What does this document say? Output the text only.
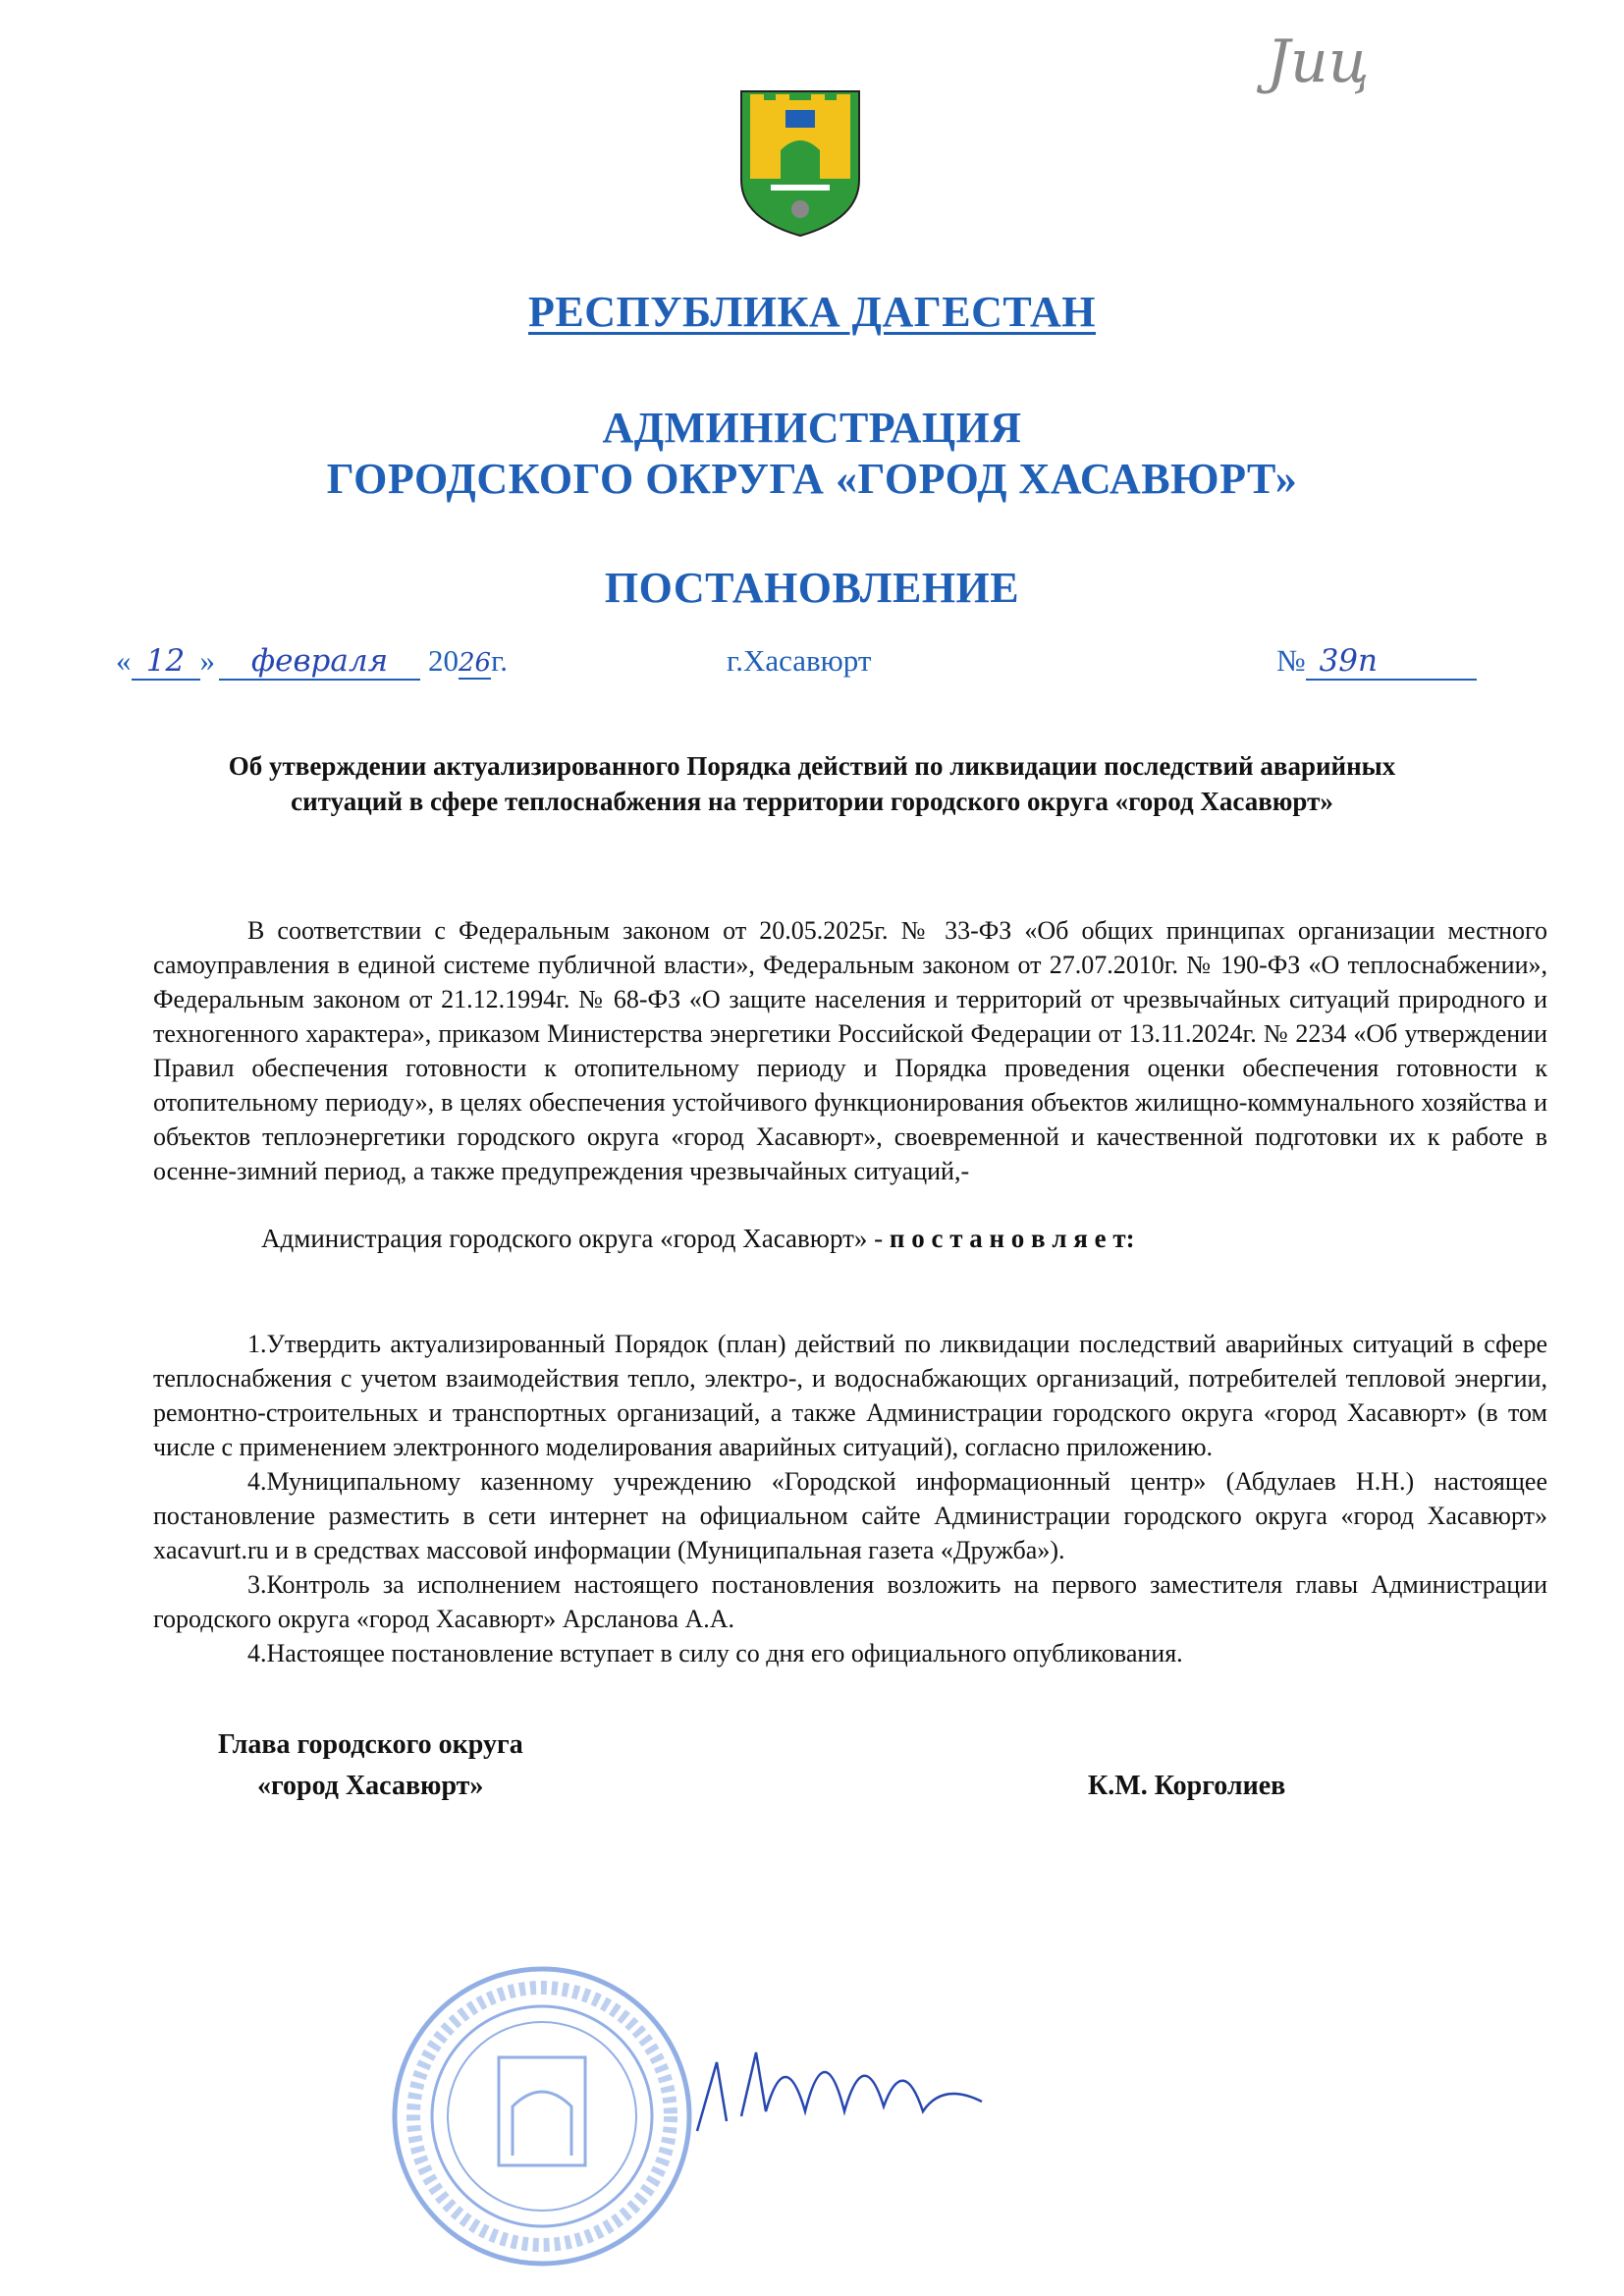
Јиц
РЕСПУБЛИКА ДАГЕСТАН
АДМИНИСТРАЦИЯ
ГОРОДСКОГО ОКРУГА «ГОРОД ХАСАВЮРТ»
ПОСТАНОВЛЕНИЕ
« 12 » февраля 2026г.	г.Хасавюрт	№ 39п
Об утверждении актуализированного Порядка действий по ликвидации последствий аварийных ситуаций в сфере теплоснабжения на территории городского округа «город Хасавюрт»

В соответствии с Федеральным законом от 20.05.2025г. № 33-ФЗ «Об общих принципах организации местного самоуправления в единой системе публичной власти», Федеральным законом от 27.07.2010г. № 190-ФЗ «О теплоснабжении», Федеральным законом от 21.12.1994г. № 68-ФЗ «О защите населения и территорий от чрезвычайных ситуаций природного и техногенного характера», приказом Министерства энергетики Российской Федерации от 13.11.2024г. № 2234 «Об утверждении Правил обеспечения готовности к отопительному периоду и Порядка проведения оценки обеспечения готовности к отопительному периоду», в целях обеспечения устойчивого функционирования объектов жилищно-коммунального хозяйства и объектов теплоэнергетики городского округа «город Хасавюрт», своевременной и качественной подготовки их к работе в осенне-зимний период, а также предупреждения чрезвычайных ситуаций,-

Администрация городского округа «город Хасавюрт» - п о с т а н о в л я е т:

1.Утвердить актуализированный Порядок (план) действий по ликвидации последствий аварийных ситуаций в сфере теплоснабжения с учетом взаимодействия тепло, электро-, и водоснабжающих организаций, потребителей тепловой энергии, ремонтно-строительных и транспортных организаций, а также Администрации городского округа «город Хасавюрт» (в том числе с применением электронного моделирования аварийных ситуаций), согласно приложению.

4.Муниципальному казенному учреждению «Городской информационный центр» (Абдулаев Н.Н.) настоящее постановление разместить в сети интернет на официальном сайте Администрации городского округа «город Хасавюрт» xacavurt.ru и в средствах массовой информации (Муниципальная газета «Дружба»).

3.Контроль за исполнением настоящего постановления возложить на первого заместителя главы Администрации городского округа «город Хасавюрт» Арсланова А.А.

4.Настоящее постановление вступает в силу со дня его официального опубликования.

Глава городского округа
«город Хасавюрт»	К.М. Корголиев
